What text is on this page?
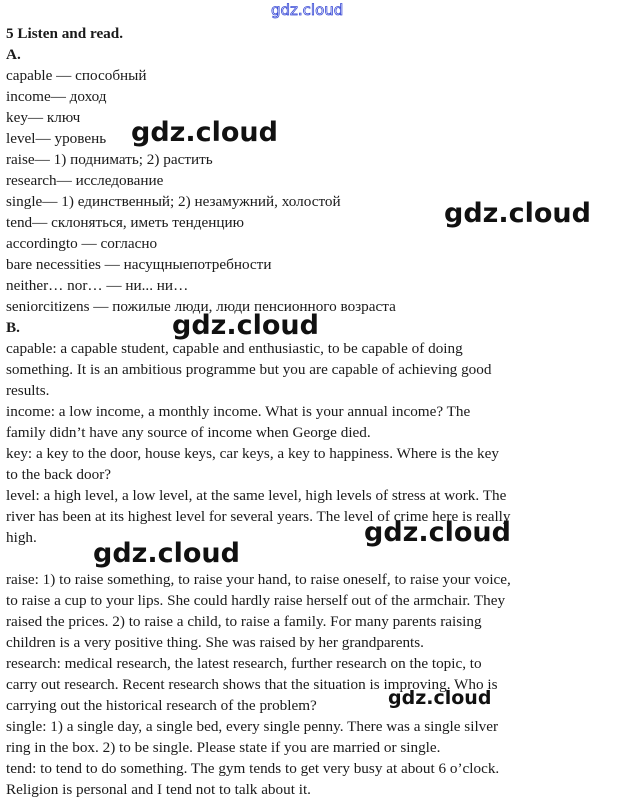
gdz.cloud
5 Listen and read.
A.
capable — способный
income— доход
key— ключ
level— уровень
raise— 1) поднимать; 2) растить
research— исследование
single— 1) единственный; 2) незамужний, холостой
tend— склоняться, иметь тенденцию
accordingto — согласно
bare necessities — насущныепотребности
neither… nor… — ни... ни…
seniorcitizens — пожилые люди, люди пенсионного возраста
B.
capable: a capable student, capable and enthusiastic, to be capable of doing
something. It is an ambitious programme but you are capable of achieving good
results.
income: a low income, a monthly income. What is your annual income? The
family didn’t have any source of income when George died.
key: a key to the door, house keys, car keys, a key to happiness. Where is the key
to the back door?
level: a high level, a low level, at the same level, high levels of stress at work. The
river has been at its highest level for several years. The level of crime here is really
high.
raise: 1) to raise something, to raise your hand, to raise oneself, to raise your voice,
to raise a cup to your lips. She could hardly raise herself out of the armchair. They
raised the prices. 2) to raise a child, to raise a family. For many parents raising
children is a very positive thing. She was raised by her grandparents.
research: medical research, the latest research, further research on the topic, to
carry out research. Recent research shows that the situation is improving. Who is
carrying out the historical research of the problem?
single: 1) a single day, a single bed, every single penny. There was a single silver
ring in the box. 2) to be single. Please state if you are married or single.
tend: to tend to do something. The gym tends to get very busy at about 6 o’clock.
Religion is personal and I tend not to talk about it.
gdz.cloud
gdz.cloud
gdz.cloud
gdz.cloud
gdz.cloud
gdz.cloud
